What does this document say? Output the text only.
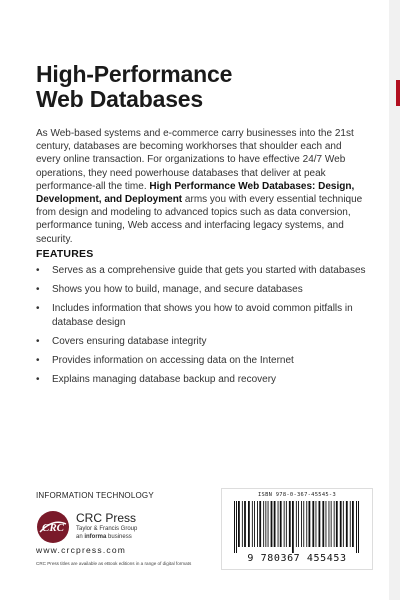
High-Performance
Web Databases
As Web-based systems and e-commerce carry businesses into the 21st century, databases are becoming workhorses that shoulder each and every online transaction. For organizations to have effective 24/7 Web operations, they need powerhouse databases that deliver at peak performance-all the time. High Performance Web Databases: Design, Development, and Deployment arms you with every essential technique from design and modeling to advanced topics such as data conversion, performance tuning, Web access and interfacing legacy systems, and security.
FEATURES
• Serves as a comprehensive guide that gets you started with databases
• Shows you how to build, manage, and secure databases
• Includes information that shows you how to avoid common pitfalls in database design
• Covers ensuring database integrity
• Provides information on accessing data on the Internet
• Explains managing database backup and recovery
INFORMATION TECHNOLOGY
CRC
CRC Press
Taylor & Francis Group
an informa business
www.crcpress.com
CRC Press titles are available as eBook editions in a range of digital formats
ISBN 978-0-367-45545-3
9 780367 455453
